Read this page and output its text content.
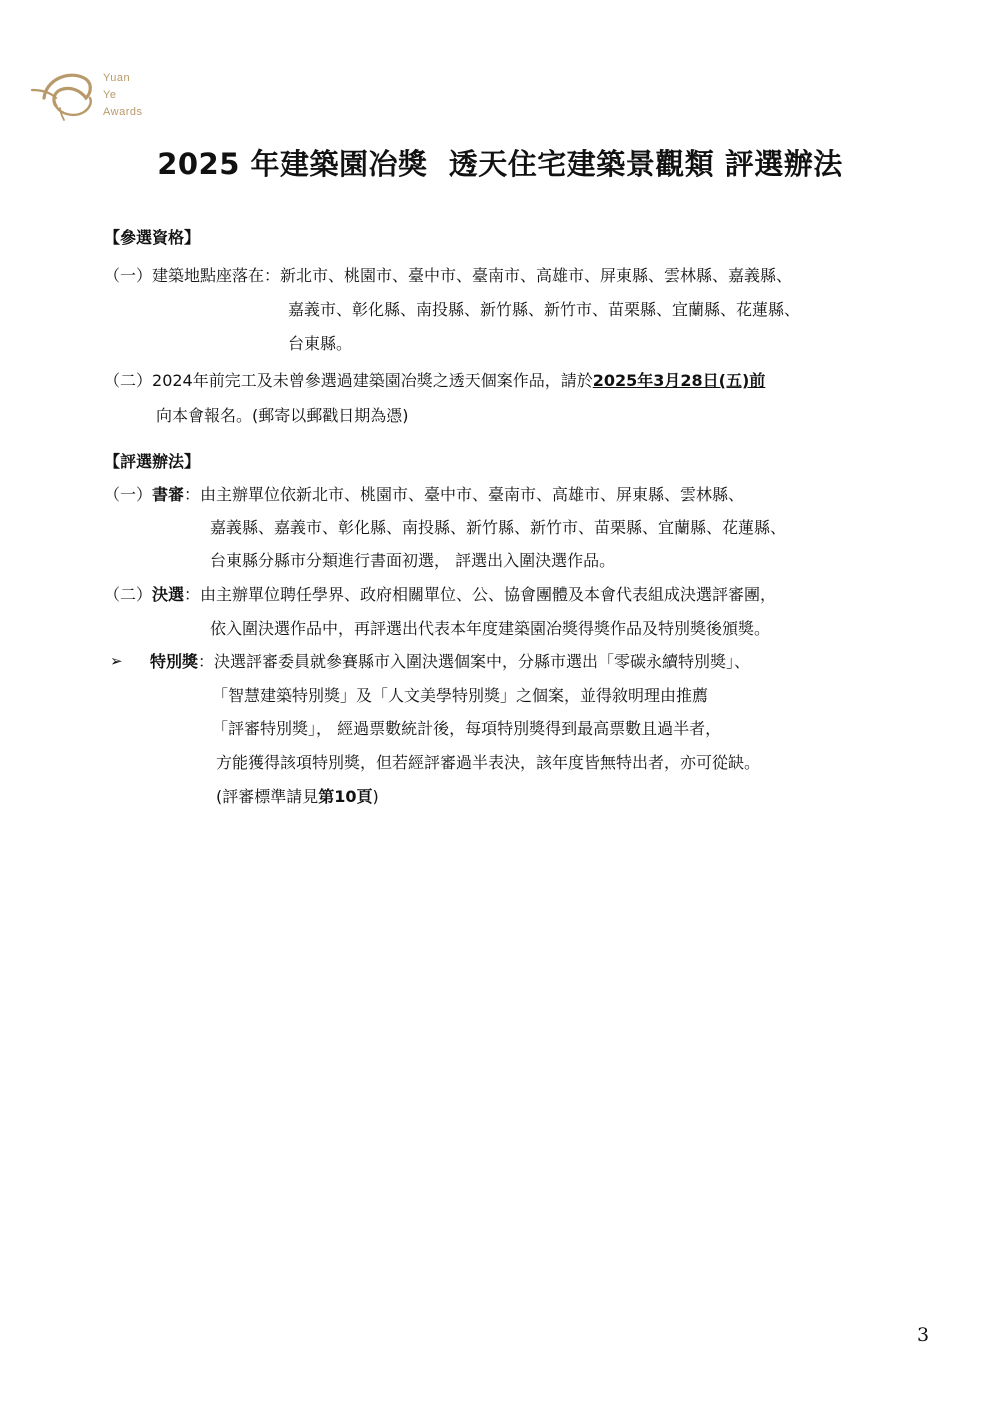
Yuan
Ye
Awards
2025 年建築園冶獎  透天住宅建築景觀類 評選辦法
【參選資格】
（一）建築地點座落在：新北市、桃園市、臺中市、臺南市、高雄市、屏東縣、雲林縣、嘉義縣、
嘉義市、彰化縣、南投縣、新竹縣、新竹市、苗栗縣、宜蘭縣、花蓮縣、
台東縣。
（二）2024年前完工及未曾參選過建築園冶獎之透天個案作品，請於2025年3月28日(五)前
向本會報名。(郵寄以郵戳日期為憑)
【評選辦法】
（一）書審：由主辦單位依新北市、桃園市、臺中市、臺南市、高雄市、屏東縣、雲林縣、
嘉義縣、嘉義市、彰化縣、南投縣、新竹縣、新竹市、苗栗縣、宜蘭縣、花蓮縣、
台東縣分縣市分類進行書面初選， 評選出入圍決選作品。
（二）決選：由主辦單位聘任學界、政府相關單位、公、協會團體及本會代表組成決選評審團，
依入圍決選作品中，再評選出代表本年度建築園冶獎得獎作品及特別獎後頒獎。
➢ 特別獎：決選評審委員就參賽縣市入圍決選個案中，分縣市選出「零碳永續特別獎」、
「智慧建築特別獎」及「人文美學特別獎」之個案，並得敘明理由推薦
「評審特別獎」， 經過票數統計後，每項特別獎得到最高票數且過半者，
方能獲得該項特別獎，但若經評審過半表決，該年度皆無特出者，亦可從缺。
(評審標準請見第10頁)
3
